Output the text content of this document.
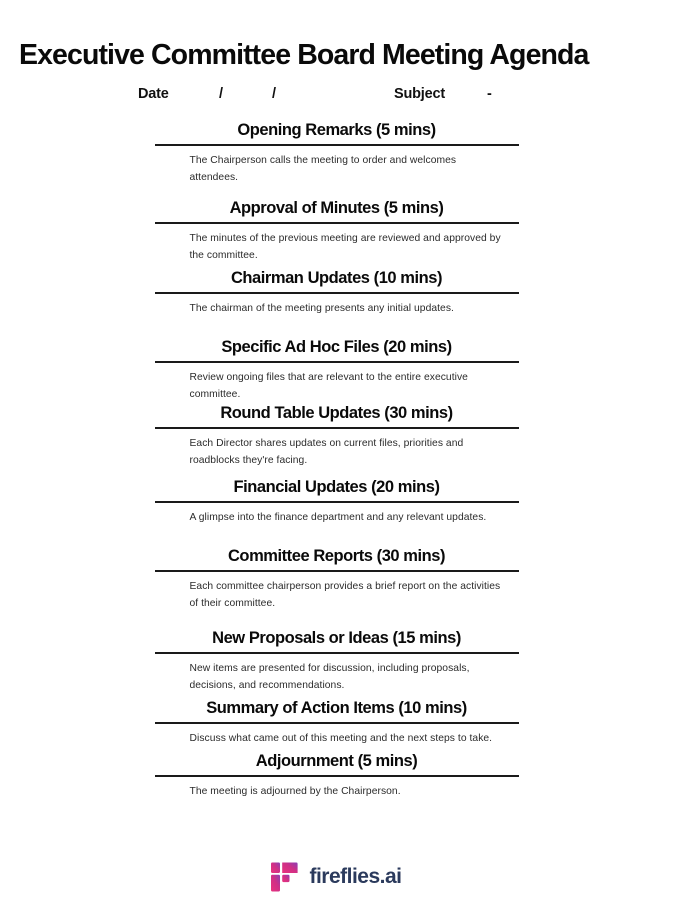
Executive Committee Board Meeting Agenda
Date	/	/	Subject	-
Opening Remarks (5 mins)
The Chairperson calls the meeting to order and welcomes attendees.
Approval of Minutes (5 mins)
The minutes of the previous meeting are reviewed and approved by the committee.
Chairman Updates (10 mins)
The chairman of the meeting presents any initial updates.
Specific Ad Hoc Files (20 mins)
Review ongoing files that are relevant to the entire executive committee.
Round Table Updates (30 mins)
Each Director shares updates on current files, priorities and roadblocks they're facing.
Financial Updates (20 mins)
A glimpse into the finance department and any relevant updates.
Committee Reports (30 mins)
Each committee chairperson provides a brief report on the activities of their committee.
New Proposals or Ideas (15 mins)
New items are presented for discussion, including proposals, decisions, and recommendations.
Summary of Action Items (10 mins)
Discuss what came out of this meeting and the next steps to take.
Adjournment (5 mins)
The meeting is adjourned by the Chairperson.
fireflies.ai
